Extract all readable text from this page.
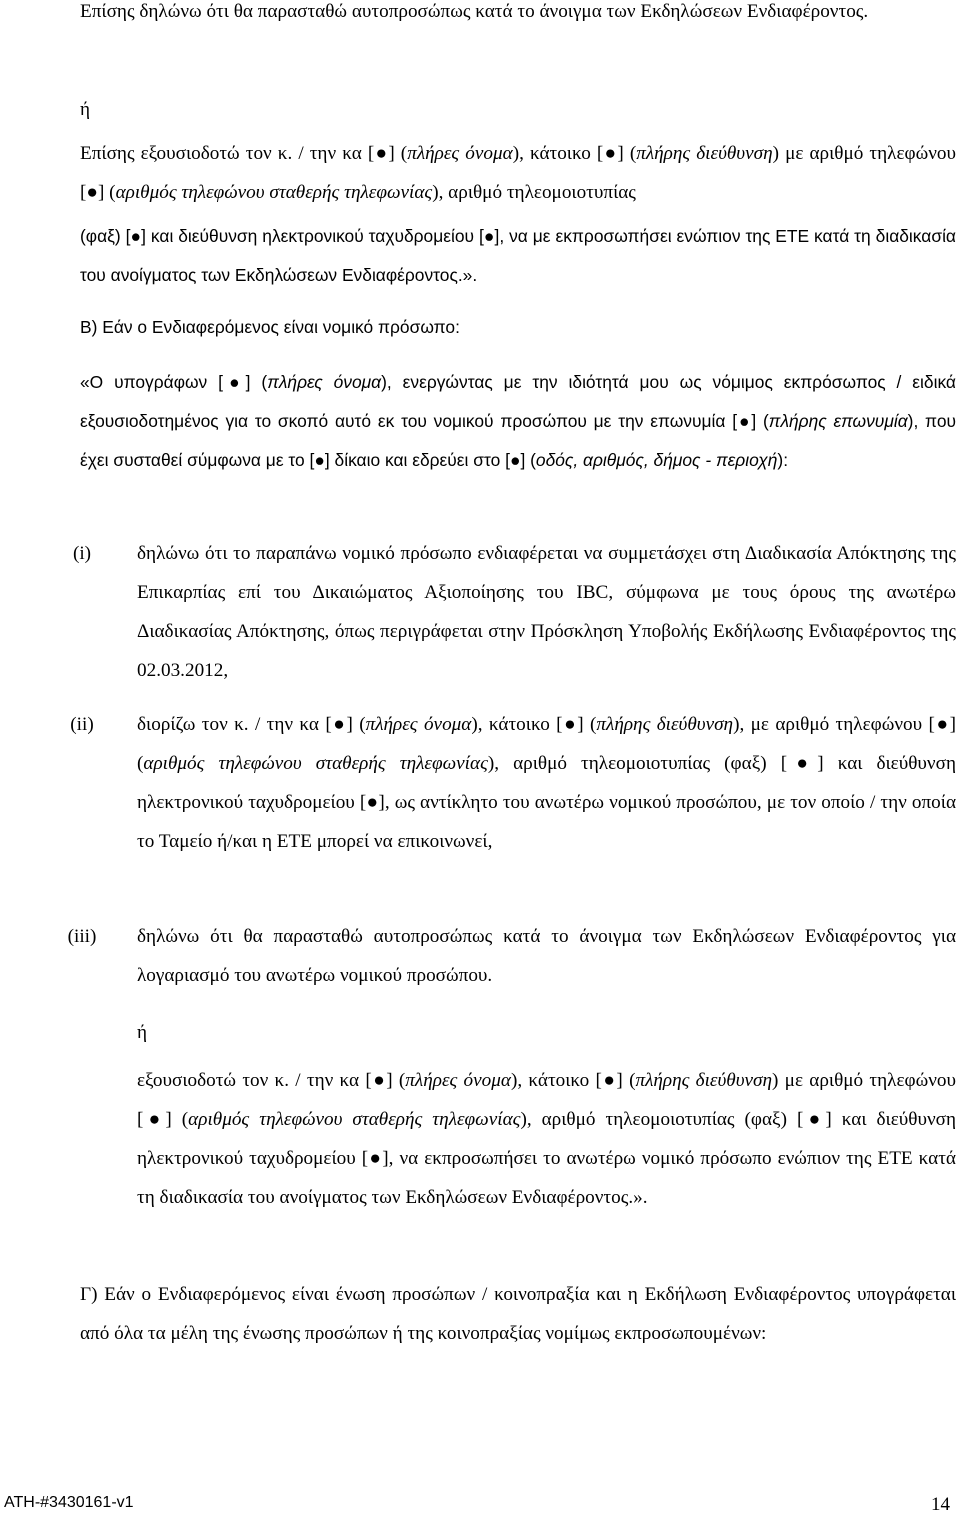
Επίσης δηλώνω ότι θα παρασταθώ αυτοπροσώπως κατά το άνοιγμα των Εκδηλώσεων Ενδιαφέροντος.

ή

Επίσης εξουσιοδοτώ τον κ. / την κα [●] (πλήρες όνομα), κάτοικο [●] (πλήρης διεύθυνση) με αριθμό τηλεφώνου [●] (αριθμός τηλεφώνου σταθερής τηλεφωνίας), αριθμό τηλεομοιοτυπίας

(φαξ) [●] και διεύθυνση ηλεκτρονικού ταχυδρομείου [●], να με εκπροσωπήσει ενώπιον της ΕΤΕ κατά τη διαδικασία του ανοίγματος των Εκδηλώσεων Ενδιαφέροντος.».

Β) Εάν ο Ενδιαφερόμενος είναι νομικό πρόσωπο:

«Ο υπογράφων [●] (πλήρες όνομα), ενεργώντας με την ιδιότητά μου ως νόμιμος εκπρόσωπος / ειδικά εξουσιοδοτημένος για το σκοπό αυτό εκ του νομικού προσώπου με την επωνυμία [●] (πλήρης επωνυμία), που έχει συσταθεί σύμφωνα με το [●] δίκαιο και εδρεύει στο [●] (οδός, αριθμός, δήμος - περιοχή):

(i)	δηλώνω ότι το παραπάνω νομικό πρόσωπο ενδιαφέρεται να συμμετάσχει στη Διαδικασία Απόκτησης της Επικαρπίας επί του Δικαιώματος Αξιοποίησης του IBC, σύμφωνα με τους όρους της ανωτέρω Διαδικασίας Απόκτησης, όπως περιγράφεται στην Πρόσκληση Υποβολής Εκδήλωσης Ενδιαφέροντος της 02.03.2012,

(ii)	διορίζω τον κ. / την κα [●] (πλήρες όνομα), κάτοικο [●] (πλήρης διεύθυνση), με αριθμό τηλεφώνου [●] (αριθμός τηλεφώνου σταθερής τηλεφωνίας), αριθμό τηλεομοιοτυπίας (φαξ) [●] και διεύθυνση ηλεκτρονικού ταχυδρομείου [●], ως αντίκλητο του ανωτέρω νομικού προσώπου, με τον οποίο / την οποία το Ταμείο ή/και η ΕΤΕ μπορεί να επικοινωνεί,

(iii) δηλώνω ότι θα παρασταθώ αυτοπροσώπως κατά το άνοιγμα των Εκδηλώσεων Ενδιαφέροντος για λογαριασμό του ανωτέρω νομικού προσώπου.

ή

εξουσιοδοτώ τον κ. / την κα [●] (πλήρες όνομα), κάτοικο [●] (πλήρης διεύθυνση) με αριθμό τηλεφώνου [●] (αριθμός τηλεφώνου σταθερής τηλεφωνίας), αριθμό τηλεομοιοτυπίας (φαξ) [●] και διεύθυνση ηλεκτρονικού ταχυδρομείου [●], να εκπροσωπήσει το ανωτέρω νομικό πρόσωπο ενώπιον της ΕΤΕ κατά τη διαδικασία του ανοίγματος των Εκδηλώσεων Ενδιαφέροντος.».

Γ) Εάν ο Ενδιαφερόμενος είναι ένωση προσώπων / κοινοπραξία και η Εκδήλωση Ενδιαφέροντος υπογράφεται από όλα τα μέλη της ένωσης προσώπων ή της κοινοπραξίας νομίμως εκπροσωπουμένων:

ATH-#3430161-v1	14
